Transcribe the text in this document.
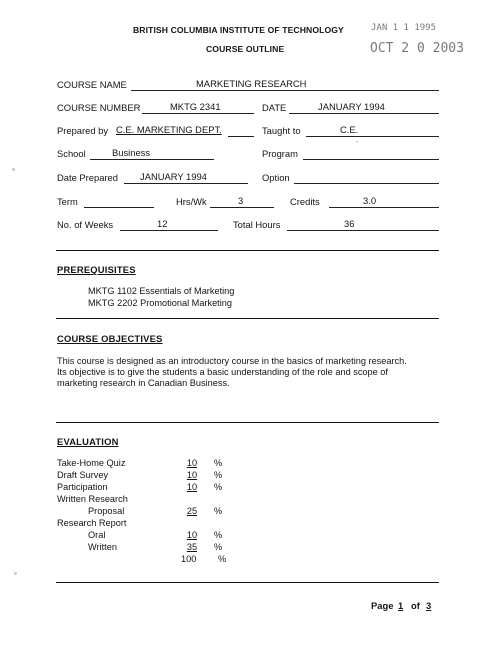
BRITISH COLUMBIA INSTITUTE OF TECHNOLOGY
COURSE OUTLINE
JAN 1 1 1995
OCT 2 0 2003
COURSE NAME	MARKETING RESEARCH
COURSE NUMBER	MKTG 2341	DATE	JANUARY 1994
Prepared by C.E. MARKETING DEPT.	Taught to	C.E.
School	Business	Program
Date Prepared JANUARY 1994	Option
Term	Hrs/Wk	3	Credits	3.0
No. of Weeks	12	Total Hours	36
PREREQUISITES
MKTG 1102 Essentials of Marketing
MKTG 2202 Promotional Marketing
COURSE OBJECTIVES
This course is designed as an introductory course in the basics of marketing research.
Its objective is to give the students a basic understanding of the role and scope of
marketing research in Canadian Business.
EVALUATION
Take-Home Quiz	10	%
Draft Survey	10	%
Participation	10	%
Written Research
Proposal	25	%
Research Report
Oral	10	%
Written	35	%
100 %
Page 1 of 3
